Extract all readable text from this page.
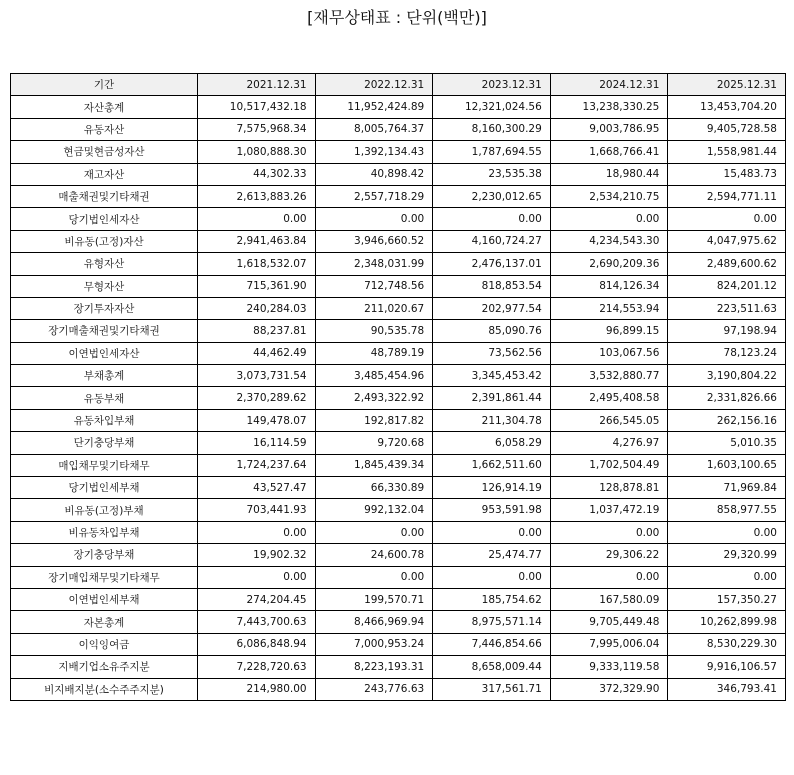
[재무상태표 : 단위(백만)]
기간	2021.12.31	2022.12.31	2023.12.31	2024.12.31	2025.12.31
자산총계	10,517,432.18	11,952,424.89	12,321,024.56	13,238,330.25	13,453,704.20
유동자산	7,575,968.34	8,005,764.37	8,160,300.29	9,003,786.95	9,405,728.58
현금및현금성자산	1,080,888.30	1,392,134.43	1,787,694.55	1,668,766.41	1,558,981.44
재고자산	44,302.33	40,898.42	23,535.38	18,980.44	15,483.73
매출채권및기타채권	2,613,883.26	2,557,718.29	2,230,012.65	2,534,210.75	2,594,771.11
당기법인세자산	0.00	0.00	0.00	0.00	0.00
비유동(고정)자산	2,941,463.84	3,946,660.52	4,160,724.27	4,234,543.30	4,047,975.62
유형자산	1,618,532.07	2,348,031.99	2,476,137.01	2,690,209.36	2,489,600.62
무형자산	715,361.90	712,748.56	818,853.54	814,126.34	824,201.12
장기투자자산	240,284.03	211,020.67	202,977.54	214,553.94	223,511.63
장기매출채권및기타채권	88,237.81	90,535.78	85,090.76	96,899.15	97,198.94
이연법인세자산	44,462.49	48,789.19	73,562.56	103,067.56	78,123.24
부채총계	3,073,731.54	3,485,454.96	3,345,453.42	3,532,880.77	3,190,804.22
유동부채	2,370,289.62	2,493,322.92	2,391,861.44	2,495,408.58	2,331,826.66
유동차입부채	149,478.07	192,817.82	211,304.78	266,545.05	262,156.16
단기충당부채	16,114.59	9,720.68	6,058.29	4,276.97	5,010.35
매입채무및기타채무	1,724,237.64	1,845,439.34	1,662,511.60	1,702,504.49	1,603,100.65
당기법인세부채	43,527.47	66,330.89	126,914.19	128,878.81	71,969.84
비유동(고정)부채	703,441.93	992,132.04	953,591.98	1,037,472.19	858,977.55
비유동차입부채	0.00	0.00	0.00	0.00	0.00
장기충당부채	19,902.32	24,600.78	25,474.77	29,306.22	29,320.99
장기매입채무및기타채무	0.00	0.00	0.00	0.00	0.00
이연법인세부채	274,204.45	199,570.71	185,754.62	167,580.09	157,350.27
자본총계	7,443,700.63	8,466,969.94	8,975,571.14	9,705,449.48	10,262,899.98
이익잉여금	6,086,848.94	7,000,953.24	7,446,854.66	7,995,006.04	8,530,229.30
지배기업소유주지분	7,228,720.63	8,223,193.31	8,658,009.44	9,333,119.58	9,916,106.57
비지배지분(소수주주지분)	214,980.00	243,776.63	317,561.71	372,329.90	346,793.41
